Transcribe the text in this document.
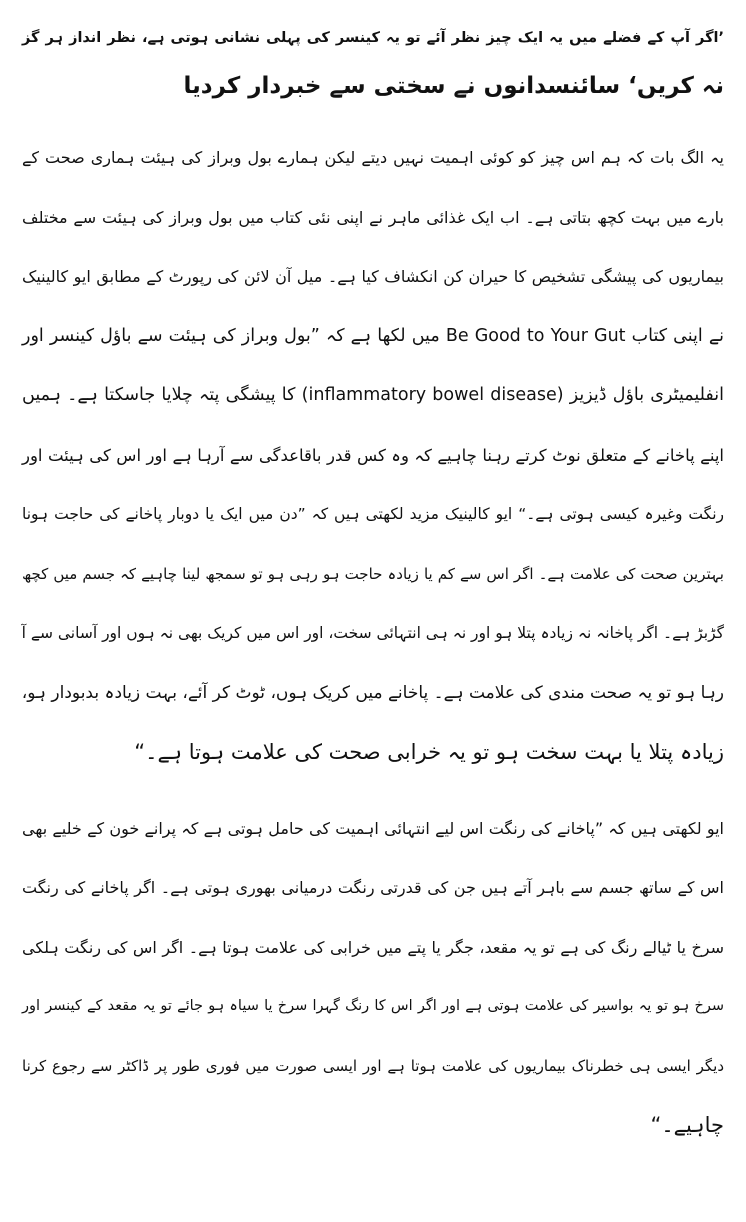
’اگر آپ کے فضلے میں یہ ایک چیز نظر آئے تو یہ کینسر کی پہلی نشانی ہوتی ہے، نظر انداز ہر گز
نہ کریں‘ سائنسدانوں نے سختی سے خبردار کردیا

یہ الگ بات کہ ہم اس چیز کو کوئی اہمیت نہیں دیتے لیکن ہمارے بول وبراز کی ہیئت ہماری صحت کے
بارے میں بہت کچھ بتاتی ہے۔ اب ایک غذائی ماہر نے اپنی نئی کتاب میں بول وبراز کی ہیئت سے مختلف
بیماریوں کی پیشگی تشخیص کا حیران کن انکشاف کیا ہے۔ میل آن لائن کی رپورٹ کے مطابق ایو کالینیک
نے اپنی کتاب Be Good to Your Gut میں لکھا ہے کہ ”بول وبراز کی ہیئت سے باﺅل کینسر اور
انفلیمیٹری باﺅل ڈیزیز (inflammatory bowel disease) کا پیشگی پتہ چلایا جاسکتا ہے۔ ہمیں
اپنے پاخانے کے متعلق نوٹ کرتے رہنا چاہیے کہ وہ کس قدر باقاعدگی سے آرہا ہے اور اس کی ہیئت اور
رنگت وغیرہ کیسی ہوتی ہے۔“ ایو کالینیک مزید لکھتی ہیں کہ ”دن میں ایک یا دوبار پاخانے کی حاجت ہونا
بہترین صحت کی علامت ہے۔ اگر اس سے کم یا زیادہ حاجت ہو رہی ہو تو سمجھ لینا چاہیے کہ جسم میں کچھ
گڑبڑ ہے۔ اگر پاخانہ نہ زیادہ پتلا ہو اور نہ ہی انتہائی سخت، اور اس میں کریک بھی نہ ہوں اور آسانی سے آ
رہا ہو تو یہ صحت مندی کی علامت ہے۔ پاخانے میں کریک ہوں، ٹوٹ کر آئے، بہت زیادہ بدبودار ہو،
زیادہ پتلا یا بہت سخت ہو تو یہ خرابی صحت کی علامت ہوتا ہے۔“

ایو لکھتی ہیں کہ ”پاخانے کی رنگت اس لیے انتہائی اہمیت کی حامل ہوتی ہے کہ پرانے خون کے خلیے بھی
اس کے ساتھ جسم سے باہر آتے ہیں جن کی قدرتی رنگت درمیانی بھوری ہوتی ہے۔ اگر پاخانے کی رنگت
سرخ یا ٹیالے رنگ کی ہے تو یہ مقعد، جگر یا پتے میں خرابی کی علامت ہوتا ہے۔ اگر اس کی رنگت ہلکی
سرخ ہو تو یہ بواسیر کی علامت ہوتی ہے اور اگر اس کا رنگ گہرا سرخ یا سیاہ ہو جائے تو یہ مقعد کے کینسر اور
دیگر ایسی ہی خطرناک بیماریوں کی علامت ہوتا ہے اور ایسی صورت میں فوری طور پر ڈاکٹر سے رجوع کرنا
چاہیے۔“
